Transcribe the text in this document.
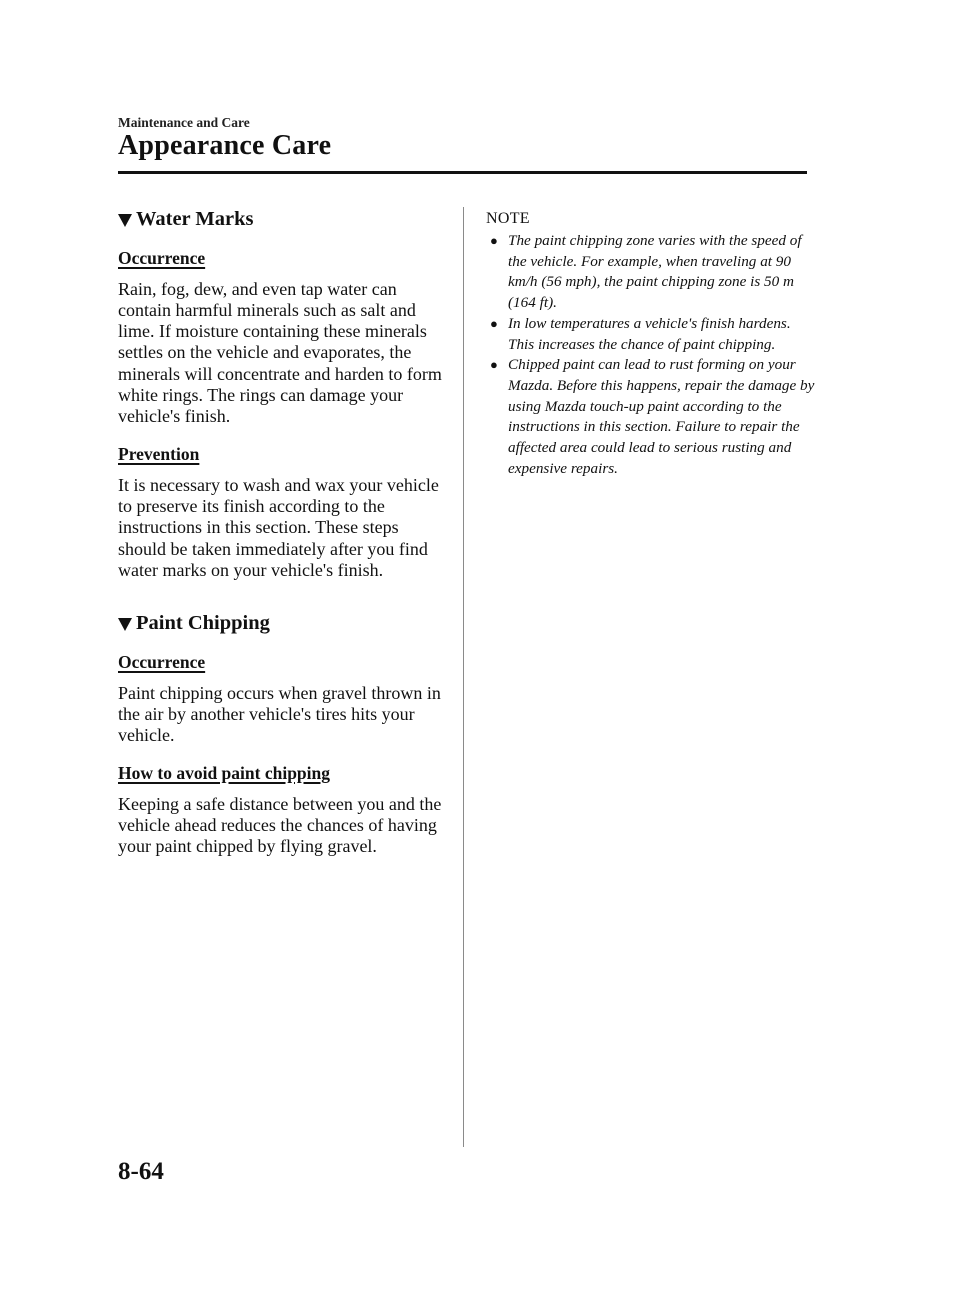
Maintenance and Care
Appearance Care
Water Marks
Occurrence

Rain, fog, dew, and even tap water can contain harmful minerals such as salt and lime. If moisture containing these minerals settles on the vehicle and evaporates, the minerals will concentrate and harden to form white rings. The rings can damage your vehicle's finish.

Prevention

It is necessary to wash and wax your vehicle to preserve its finish according to the instructions in this section. These steps should be taken immediately after you find water marks on your vehicle's finish.

Paint Chipping
Occurrence

Paint chipping occurs when gravel thrown in the air by another vehicle's tires hits your vehicle.

How to avoid paint chipping

Keeping a safe distance between you and the vehicle ahead reduces the chances of having your paint chipped by flying gravel.

NOTE
● The paint chipping zone varies with the speed of the vehicle. For example, when traveling at 90 km/h (56 mph), the paint chipping zone is 50 m (164 ft).
● In low temperatures a vehicle's finish hardens. This increases the chance of paint chipping.
● Chipped paint can lead to rust forming on your Mazda. Before this happens, repair the damage by using Mazda touch-up paint according to the instructions in this section. Failure to repair the affected area could lead to serious rusting and expensive repairs.
8-64
